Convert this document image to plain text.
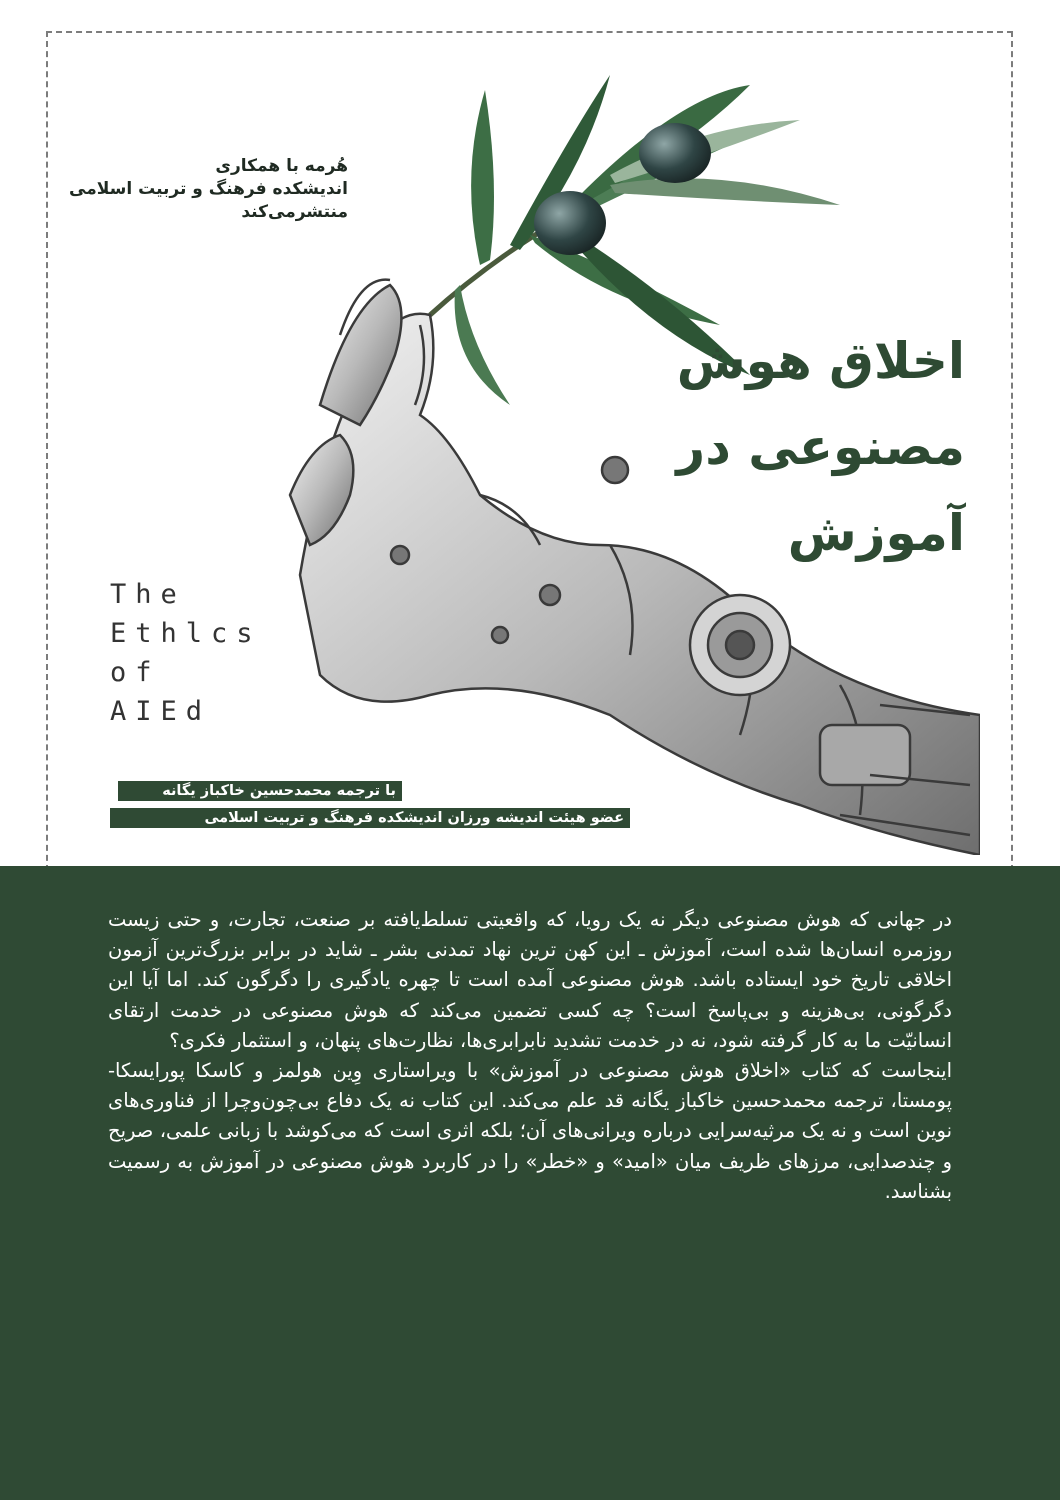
هُرمه با همکاری
اندیشکده فرهنگ و تربیت اسلامی
منتشرمی‌کند
اخلاق هوش
مصنوعی در
آموزش
The
Ethlcs
of
AIEd
با ترجمه محمدحسین خاکباز یگانه
عضو هیئت اندیشه ورزان اندیشکده فرهنگ و تربیت اسلامی

در جهانی که هوش مصنوعی دیگر نه یک رویا، که واقعیتی تسلط‌یافته بر صنعت، تجارت، و حتی زیست روزمره انسان‌ها شده است، آموزش ـ این کهن ترین نهاد تمدنی بشر ـ شاید در برابر بزرگ‌ترین آزمون اخلاقی تاریخ خود ایستاده باشد. هوش مصنوعی آمده است تا چهره یادگیری را دگرگون کند. اما آیا این دگرگونی، بی‌هزینه و بی‌پاسخ است؟ چه کسی تضمین می‌کند که هوش مصنوعی در خدمت ارتقای انسانیّت ما به کار گرفته شود، نه در خدمت تشدید نابرابری‌ها، نظارت‌های پنهان، و استثمار فکری؟

اینجاست که کتاب «اخلاق هوش مصنوعی در آموزش» با ویراستاری وِین هولمز و کاسکا پورایسکا-پومستا، ترجمه محمدحسین خاکباز یگانه قد علم می‌کند. این کتاب نه یک دفاع بی‌چون‌وچرا از فناوری‌های نوین است و نه یک مرثیه‌سرایی درباره ویرانی‌های آن؛ بلکه اثری است که می‌کوشد با زبانی علمی، صریح و چندصدایی، مرزهای ظریف میان «امید» و «خطر» را در کاربرد هوش مصنوعی در آموزش به رسمیت بشناسد.
